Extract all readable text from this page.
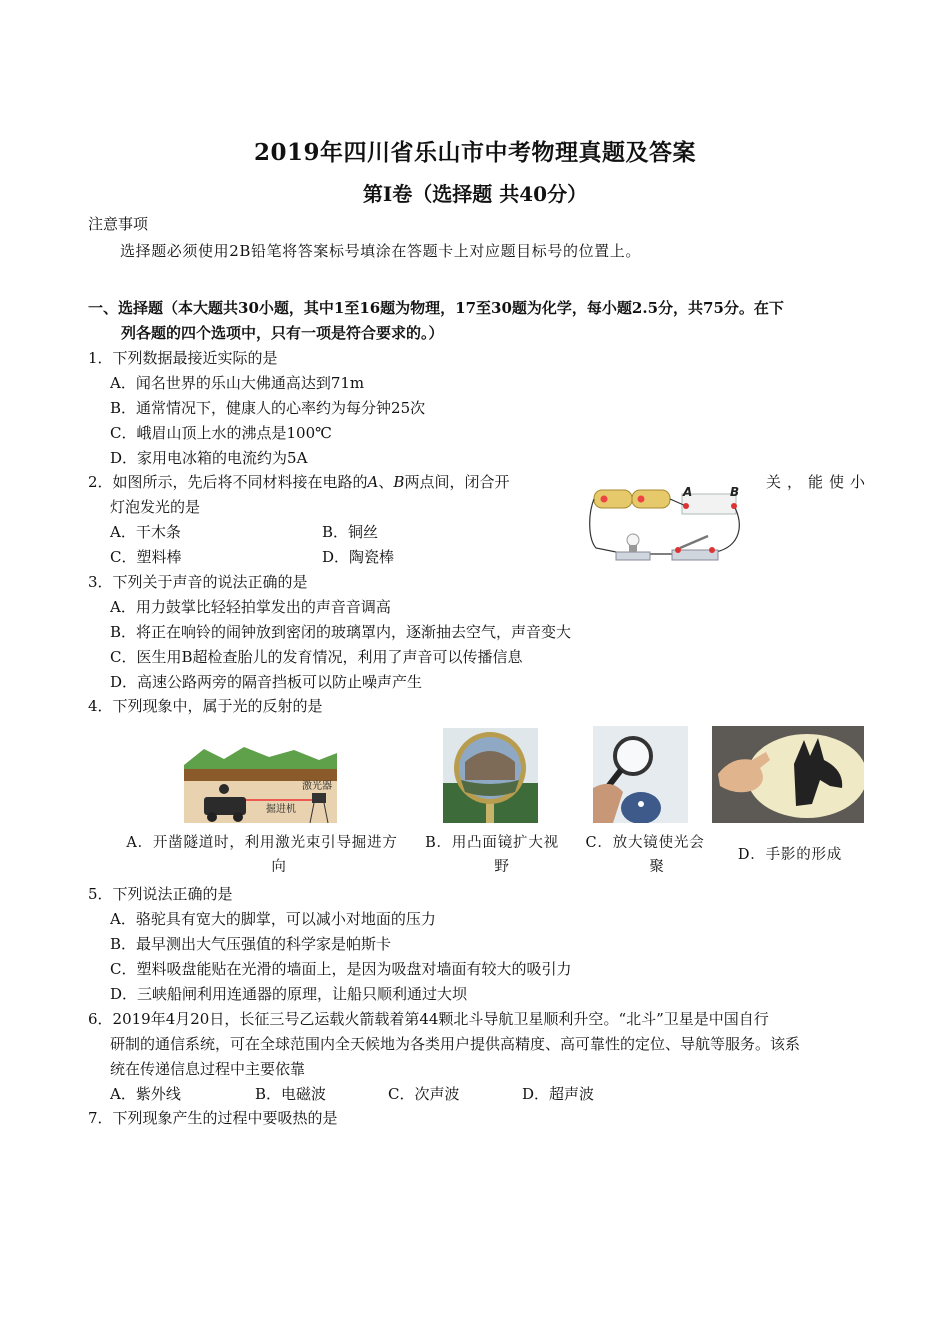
2019年四川省乐山市中考物理真题及答案
第I卷（选择题 共40分）
注意事项
选择题必须使用2B铅笔将答案标号填涂在答题卡上对应题目标号的位置上。
一、选择题（本大题共30小题，其中1至16题为物理，17至30题为化学，每小题2.5分，共75分。在下
列各题的四个选项中，只有一项是符合要求的。）
1．下列数据最接近实际的是
A．闻名世界的乐山大佛通高达到71m
B．通常情况下，健康人的心率约为每分钟25次
C．峨眉山顶上水的沸点是100℃
D．家用电冰箱的电流约为5A
2．如图所示，先后将不同材料接在电路的A、B两点间，闭合开	关，能使小
灯泡发光的是
A．干木条	B．铜丝
C．塑料棒	D．陶瓷棒
A	B
3．下列关于声音的说法正确的是
A．用力鼓掌比轻轻拍掌发出的声音音调高
B．将正在响铃的闹钟放到密闭的玻璃罩内，逐渐抽去空气，声音变大
C．医生用B超检查胎儿的发育情况，利用了声音可以传播信息
D．高速公路两旁的隔音挡板可以防止噪声产生
4．下列现象中，属于光的反射的是
激光器
掘进机
A．开凿隧道时，利用激光束引导掘进方
向
B．用凸面镜扩大视
野
C．放大镜使光会
聚
D．手影的形成
5．下列说法正确的是
A．骆驼具有宽大的脚掌，可以减小对地面的压力
B．最早测出大气压强值的科学家是帕斯卡
C．塑料吸盘能贴在光滑的墙面上，是因为吸盘对墙面有较大的吸引力
D．三峡船闸利用连通器的原理，让船只顺利通过大坝
6．2019年4月20日，长征三号乙运载火箭载着第44颗北斗导航卫星顺利升空。“北斗”卫星是中国自行
研制的通信系统，可在全球范围内全天候地为各类用户提供高精度、高可靠性的定位、导航等服务。该系
统在传递信息过程中主要依靠
A．紫外线	B．电磁波	C．次声波	D．超声波
7．下列现象产生的过程中要吸热的是
